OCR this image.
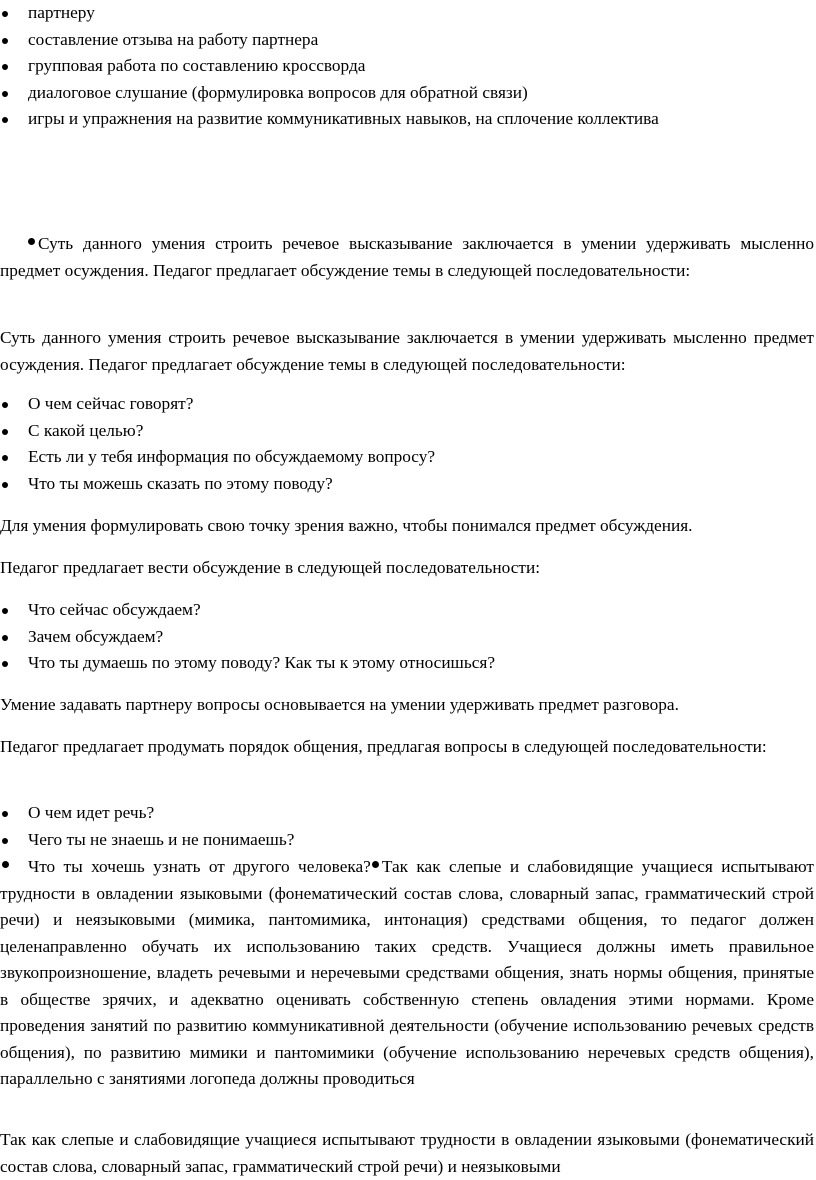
партнеру
составление отзыва на работу партнера
групповая работа по составлению кроссворда
диалоговое слушание (формулировка вопросов для обратной связи)
игры и упражнения на развитие коммуникативных навыков, на сплочение коллектива

Суть данного умения строить речевое высказывание заключается в умении удерживать мысленно предмет осуждения. Педагог предлагает обсуждение темы в следующей последовательности:

Суть данного умения строить речевое высказывание заключается в умении удерживать мысленно предмет осуждения. Педагог предлагает обсуждение темы в следующей последовательности:

О чем сейчас говорят?
С какой целью?
Есть ли у тебя информация по обсуждаемому вопросу?
Что ты можешь сказать по этому поводу?

Для умения формулировать свою точку зрения важно, чтобы понимался предмет обсуждения.

Педагог предлагает вести обсуждение в следующей последовательности:

Что сейчас обсуждаем?
Зачем обсуждаем?
Что ты думаешь по этому поводу? Как ты к этому относишься?

Умение задавать партнеру вопросы основывается на умении удерживать предмет разговора.

Педагог предлагает продумать порядок общения, предлагая вопросы в следующей последовательности:

О чем идет речь?
Чего ты не знаешь и не понимаешь?

Что ты хочешь узнать от другого человека? Так как слепые и слабовидящие учащиеся испытывают трудности в овладении языковыми (фонематический состав слова, словарный запас, грамматический строй речи) и неязыковыми (мимика, пантомимика, интонация) средствами общения, то педагог должен целенаправленно обучать их использованию таких средств. Учащиеся должны иметь правильное звукопроизношение, владеть речевыми и неречевыми средствами общения, знать нормы общения, принятые в обществе зрячих, и адекватно оценивать собственную степень овладения этими нормами. Кроме проведения занятий по развитию коммуникативной деятельности (обучение использованию речевых средств общения), по развитию мимики и пантомимики (обучение использованию неречевых средств общения), параллельно с занятиями логопеда должны проводиться

Так как слепые и слабовидящие учащиеся испытывают трудности в овладении языковыми (фонематический состав слова, словарный запас, грамматический строй речи) и неязыковыми
